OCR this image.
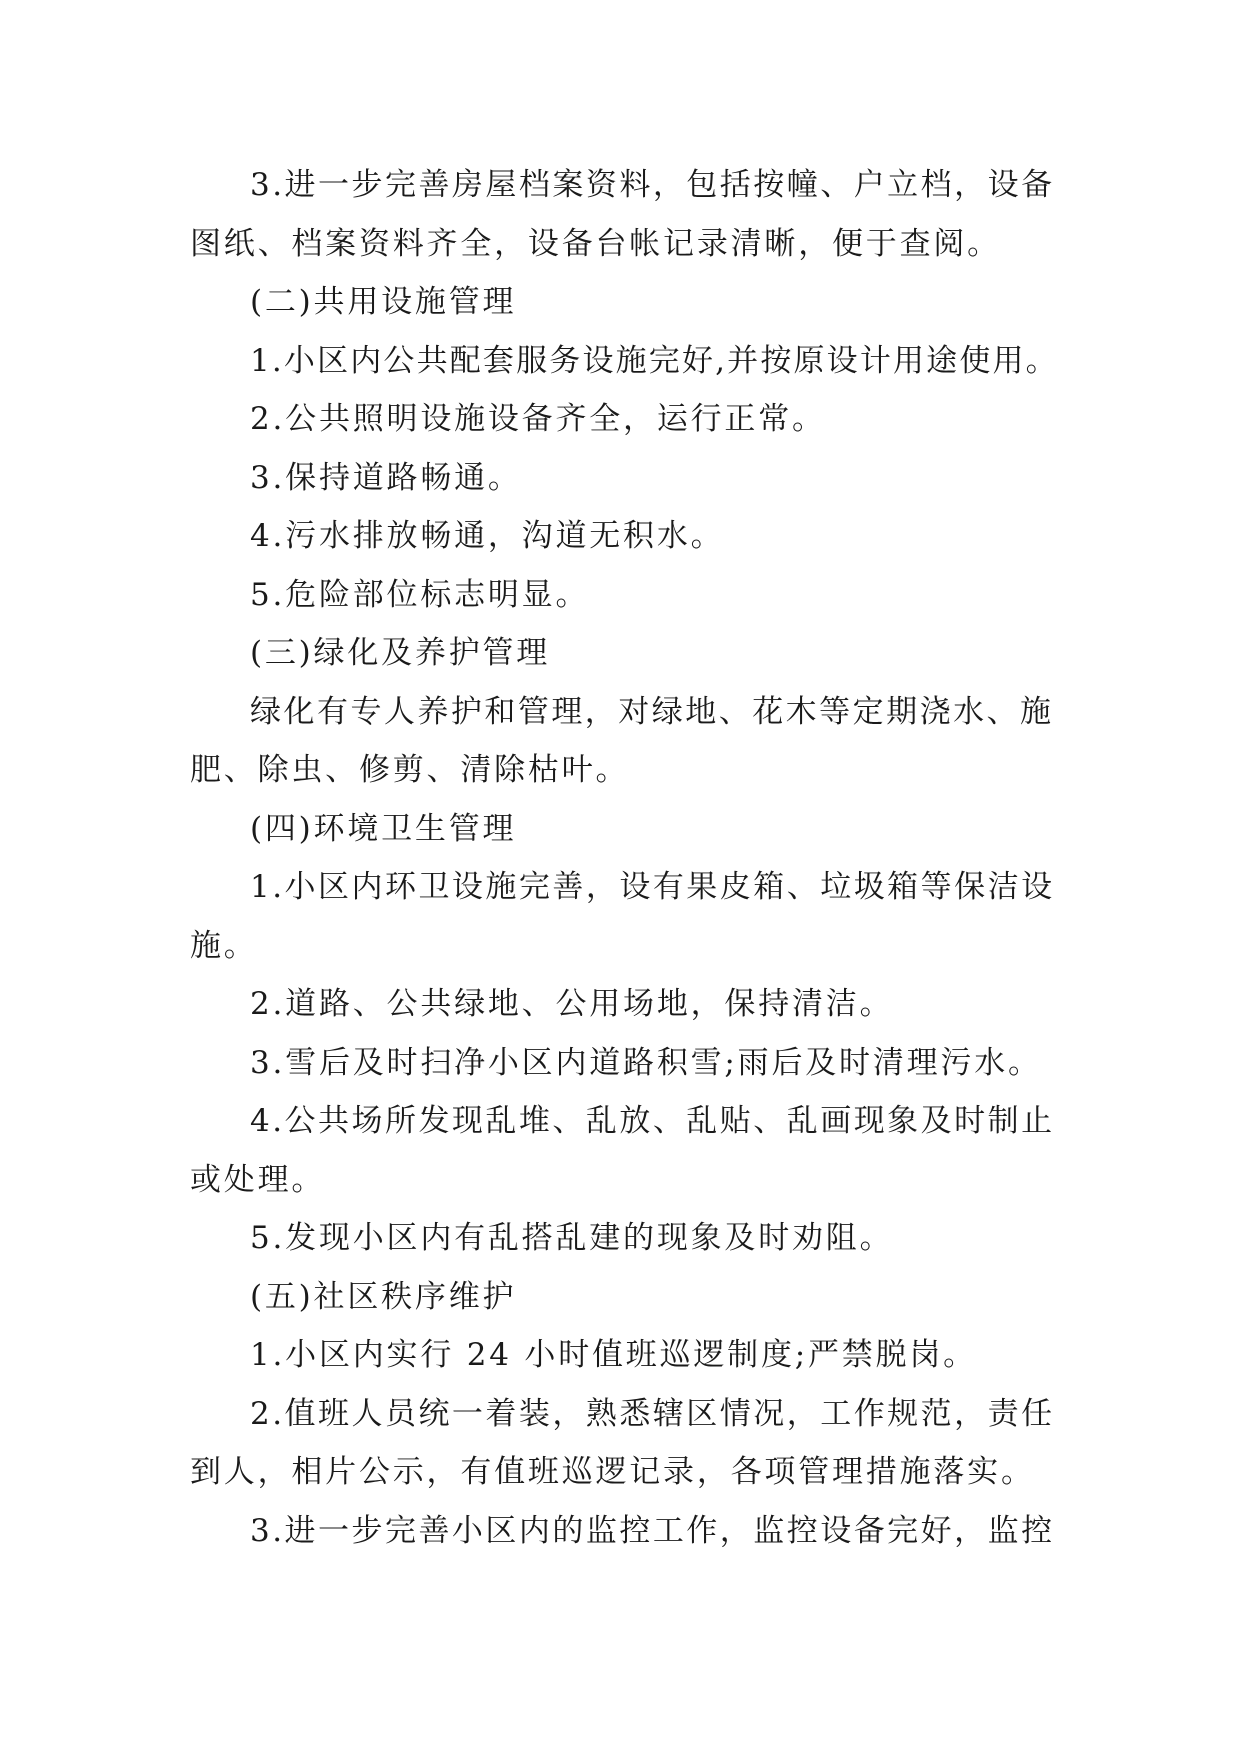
3.进一步完善房屋档案资料，包括按幢、户立档，设备
图纸、档案资料齐全，设备台帐记录清晰，便于查阅。
(二)共用设施管理
1.小区内公共配套服务设施完好,并按原设计用途使用。
2.公共照明设施设备齐全，运行正常。
3.保持道路畅通。
4.污水排放畅通，沟道无积水。
5.危险部位标志明显。
(三)绿化及养护管理
绿化有专人养护和管理，对绿地、花木等定期浇水、施
肥、除虫、修剪、清除枯叶。
(四)环境卫生管理
1.小区内环卫设施完善，设有果皮箱、垃圾箱等保洁设
施。
2.道路、公共绿地、公用场地，保持清洁。
3.雪后及时扫净小区内道路积雪;雨后及时清理污水。
4.公共场所发现乱堆、乱放、乱贴、乱画现象及时制止
或处理。
5.发现小区内有乱搭乱建的现象及时劝阻。
(五)社区秩序维护
1.小区内实行 24 小时值班巡逻制度;严禁脱岗。
2.值班人员统一着装，熟悉辖区情况，工作规范，责任
到人，相片公示，有值班巡逻记录，各项管理措施落实。
3.进一步完善小区内的监控工作，监控设备完好，监控
